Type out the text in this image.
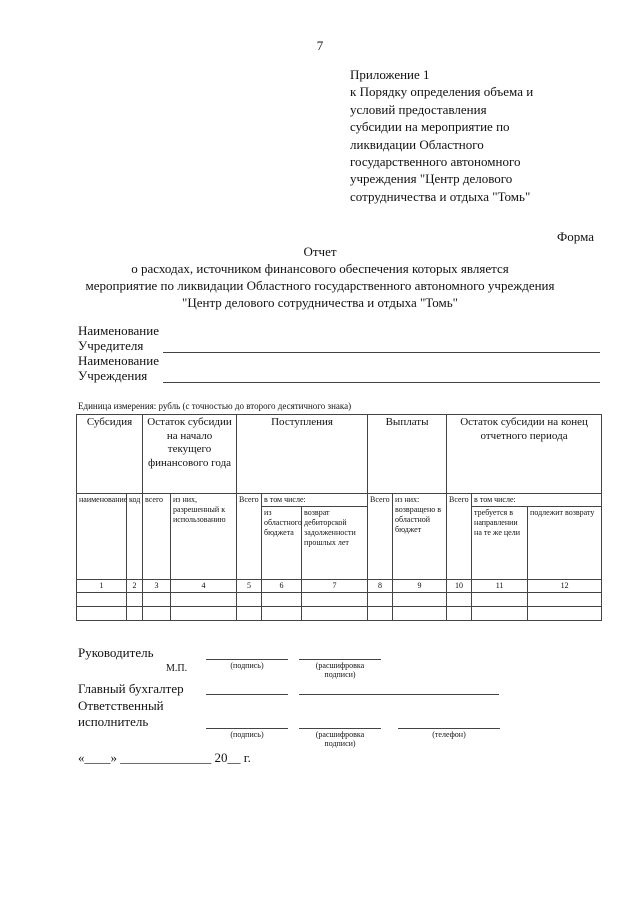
7
Приложение 1
к Порядку определения объема и
условий предоставления
субсидии на мероприятие по
ликвидации Областного
государственного автономного
учреждения "Центр делового
сотрудничества и отдыха "Томь"
Форма
Отчет
о расходах, источником финансового обеспечения которых является
мероприятие по ликвидации Областного государственного автономного учреждения
"Центр делового сотрудничества и отдыха "Томь"
Наименование
Учредителя
Наименование
Учреждения
Единица измерения: рубль (с точностью до второго десятичного знака)
Субсидия		Остаток субсидии на начало текущего финансового года		Поступления			Выплаты		Остаток субсидии на конец отчетного периода		
наименование	код	всего	из них, разрешенный к использованию	Всего	в том числе:		Всего	из них: возвращено в областной бюджет	Всего	в том числе:	
					из областного бюджета	возврат дебиторской задолженности прошлых лет				требуется в направлении на те же цели	подлежит возврату
1	2	3	4	5	6	7	8	9	10	11	12

Руководитель
М.П.	(подпись)	(расшифровка подписи)
Главный бухгалтер
Ответственный
исполнитель
(подпись)	(расшифровка подписи)
(телефон)
«____» ______________ 20__ г.
